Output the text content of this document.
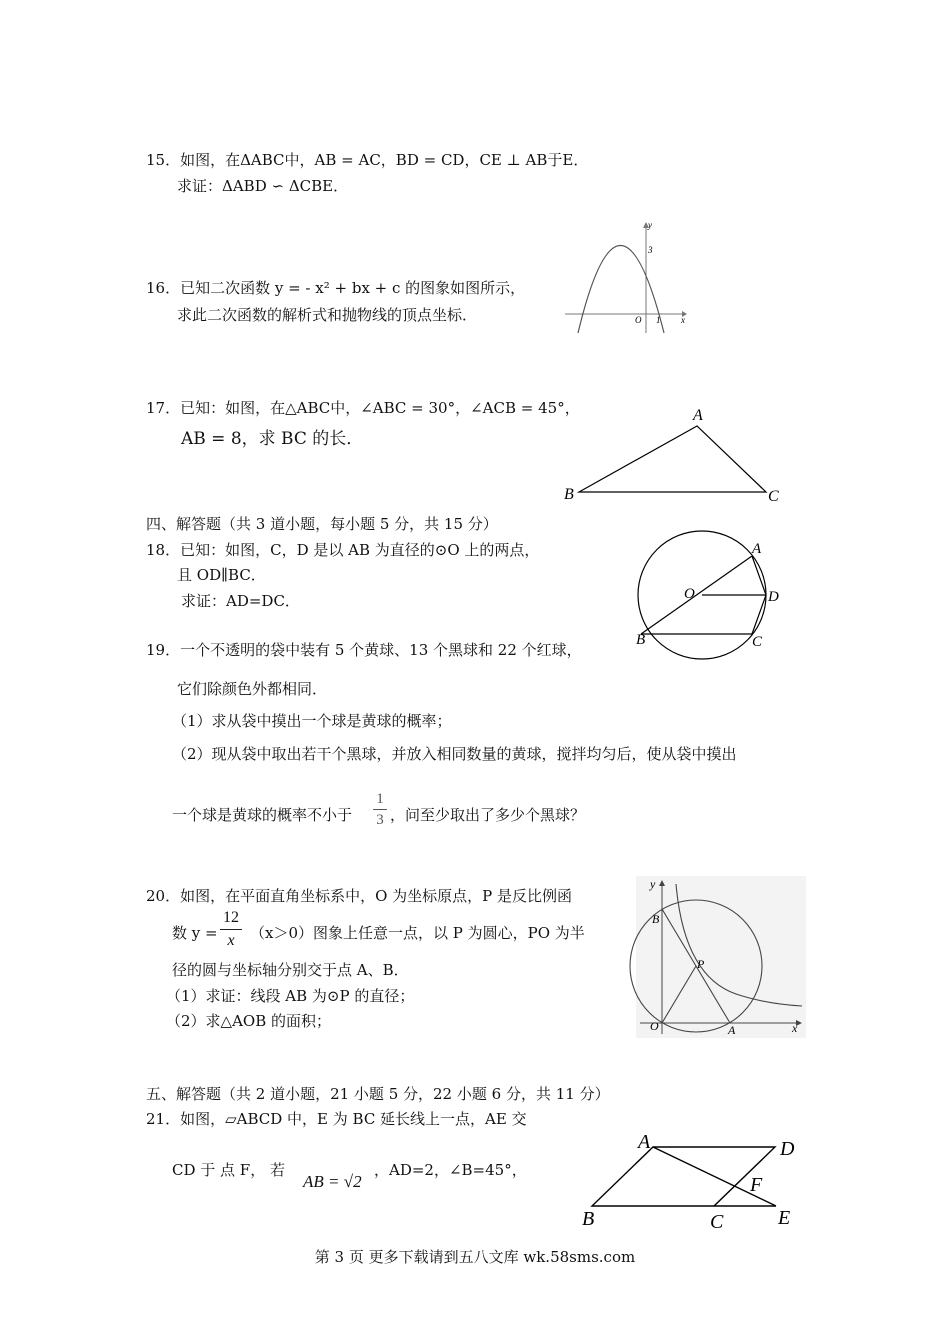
15．如图，在ΔABC中，AB = AC，BD = CD，CE ⊥ AB于E．
求证：ΔABD ∽ ΔCBE．
16．已知二次函数 y = - x² + bx + c 的图象如图所示，
求此二次函数的解析式和抛物线的顶点坐标．
y
x
3
O 1
17．已知：如图，在△ABC中，∠ABC = 30°，∠ACB = 45°，
AB = 8，求 BC 的长．
A
B	C
四、解答题（共 3 道小题，每小题 5 分，共 15 分）
18．已知：如图，C，D 是以 AB 为直径的⊙O 上的两点，
且 OD∥BC．
求证：AD=DC．
A
B	C
D
O
19．一个不透明的袋中装有 5 个黄球、13 个黑球和 22 个红球，
它们除颜色外都相同．
（1）求从袋中摸出一个球是黄球的概率；
（2）现从袋中取出若干个黑球，并放入相同数量的黄球，搅拌均匀后，使从袋中摸出
一个球是黄球的概率不小于
1
3 ，问至少取出了多少个黑球？
20．如图，在平面直角坐标系中，O 为坐标原点，P 是反比例函
数 y =
12
x	（x＞0）图象上任意一点，以 P 为圆心，PO 为半
径的圆与坐标轴分别交于点 A、B．
（1）求证：线段 AB 为⊙P 的直径；
（2）求△AOB 的面积；
y
x
O	A
B
P
五、解答题（共 2 道小题，21 小题 5 分，22 小题 6 分，共 11 分）
21．如图，▱ABCD 中，E 为 BC 延长线上一点，AE 交
CD 于 点 F， 若
AB = √2
，AD=2，∠B=45°，
A
B	C
D
E
F
第 3 页 更多下载请到五八文库 wk.58sms.com
